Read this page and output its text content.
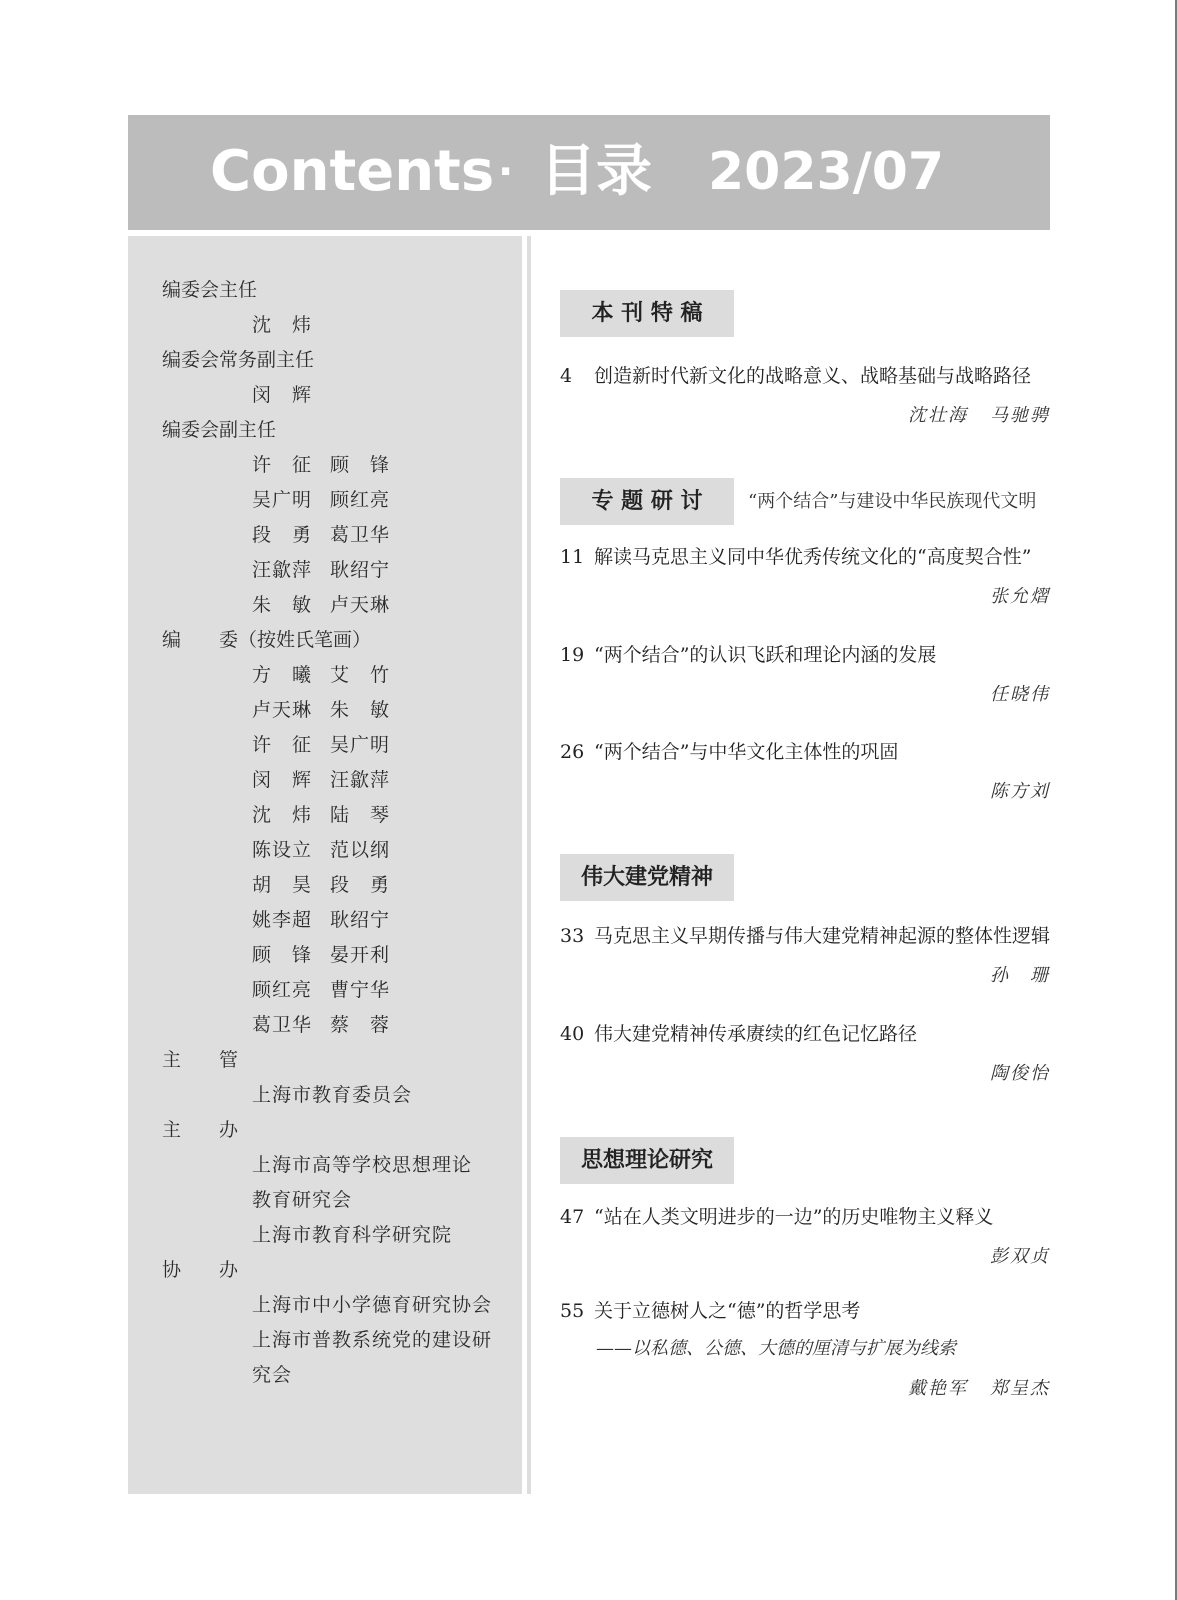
Contents · 目录 2023/07
编委会主任
沈　炜
编委会常务副主任
闵　辉
编委会副主任
许　征 顾　锋
吴广明 顾红亮
段　勇 葛卫华
汪歙萍 耿绍宁
朱　敏 卢天琳
编　　委（按姓氏笔画）
方　曦 艾　竹
卢天琳 朱　敏
许　征 吴广明
闵　辉 汪歙萍
沈　炜 陆　琴
陈设立 范以纲
胡　昊 段　勇
姚李超 耿绍宁
顾　锋 晏开利
顾红亮 曹宁华
葛卫华 蔡　蓉
主　　管
上海市教育委员会
主　　办
上海市高等学校思想理论
教育研究会
上海市教育科学研究院
协　　办
上海市中小学德育研究协会
上海市普教系统党的建设研
究会
本 刊 特 稿
4	创造新时代新文化的战略意义、战略基础与战略路径
沈壮海 马驰骋
专 题 研 讨	“两个结合”与建设中华民族现代文明
11 解读马克思主义同中华优秀传统文化的“高度契合性”
张允熠
19 “两个结合”的认识飞跃和理论内涵的发展
任晓伟
26 “两个结合”与中华文化主体性的巩固
陈方刘
伟大建党精神
33 马克思主义早期传播与伟大建党精神起源的整体性逻辑
孙　珊
40 伟大建党精神传承赓续的红色记忆路径
陶俊怡
思想理论研究
47 “站在人类文明进步的一边”的历史唯物主义释义
彭双贞
55 关于立德树人之“德”的哲学思考
——以私德、公德、大德的厘清与扩展为线索
戴艳军 郑呈杰
